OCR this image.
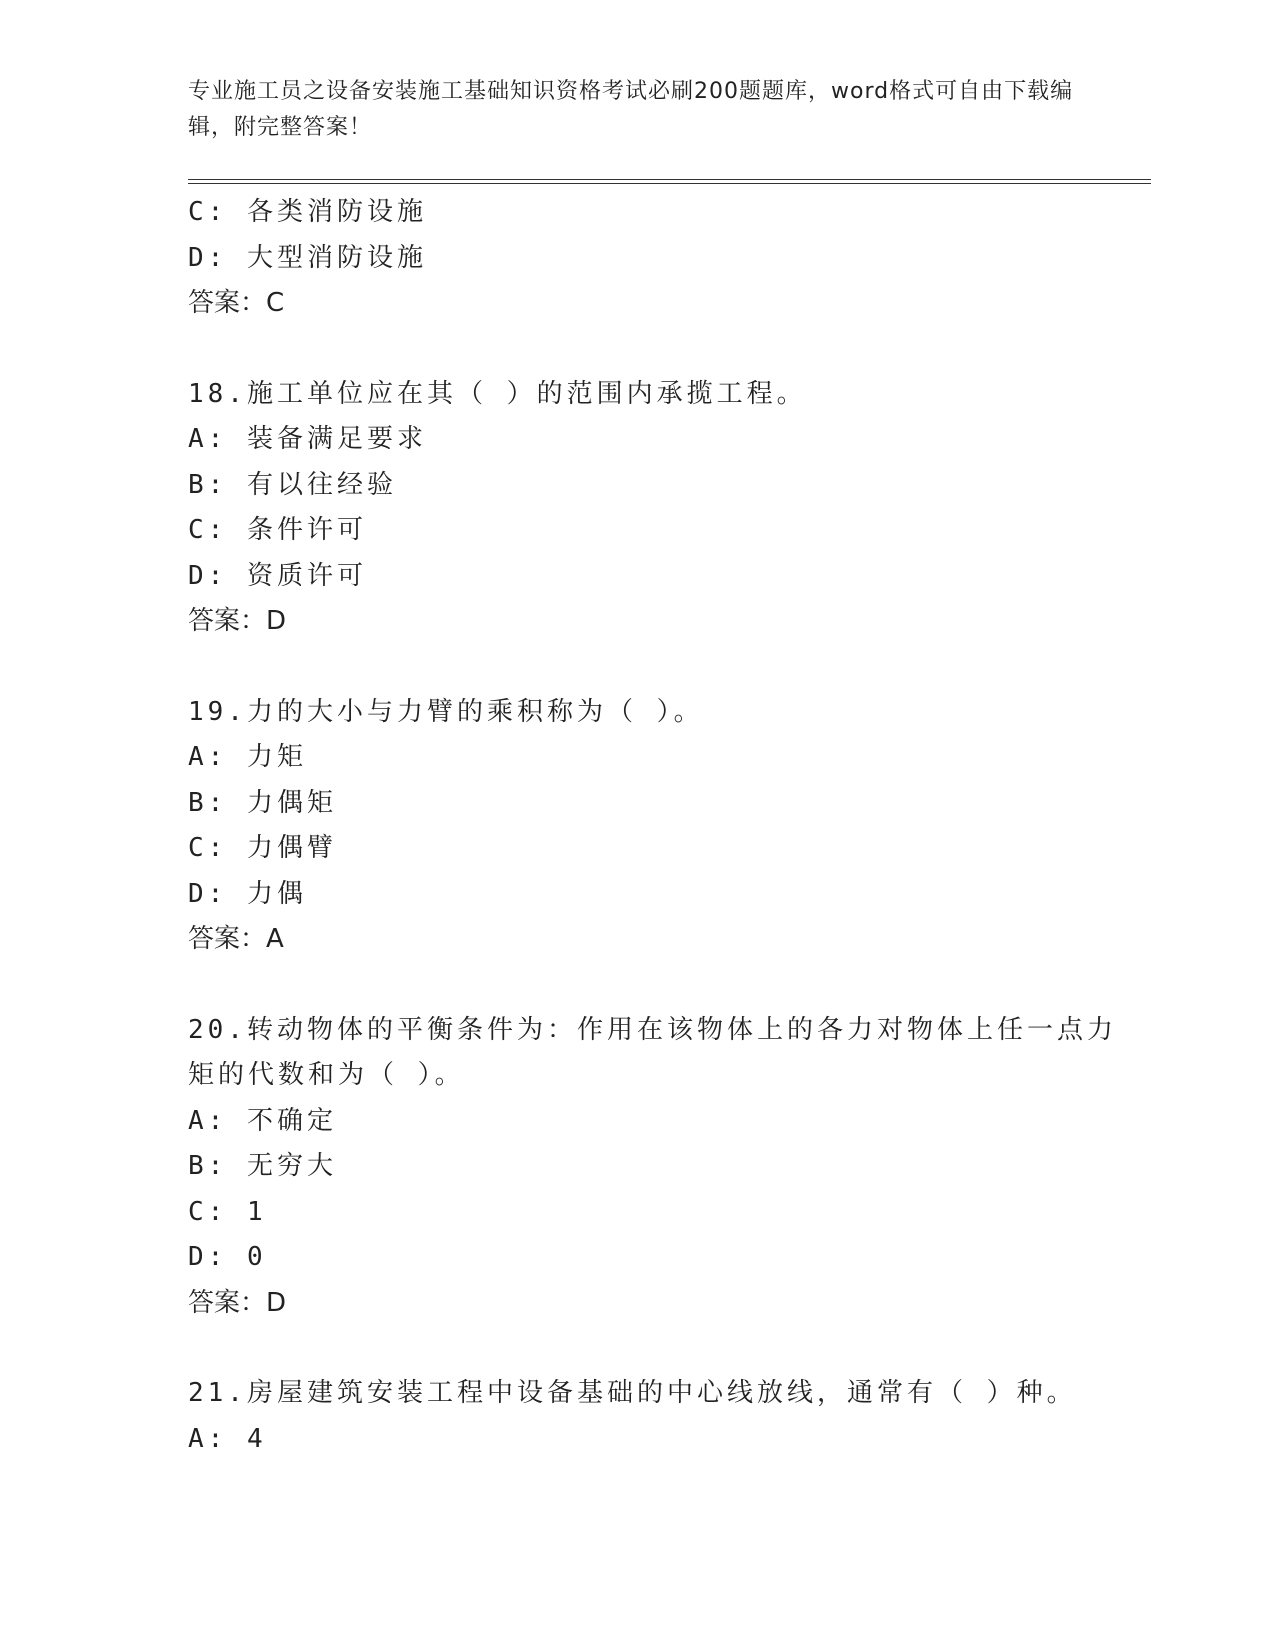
专业施工员之设备安装施工基础知识资格考试必刷200题题库，word格式可自由下载编辑，附完整答案！
C: 各类消防设施
D: 大型消防设施
答案：C
18.施工单位应在其（ ）的范围内承揽工程。
A: 装备满足要求
B: 有以往经验
C: 条件许可
D: 资质许可
答案：D
19.力的大小与力臂的乘积称为（ ）。
A: 力矩
B: 力偶矩
C: 力偶臂
D: 力偶
答案：A
20.转动物体的平衡条件为：作用在该物体上的各力对物体上任一点力
矩的代数和为（ ）。
A: 不确定
B: 无穷大
C: 1
D: 0
答案：D
21.房屋建筑安装工程中设备基础的中心线放线，通常有（ ）种。
A: 4
